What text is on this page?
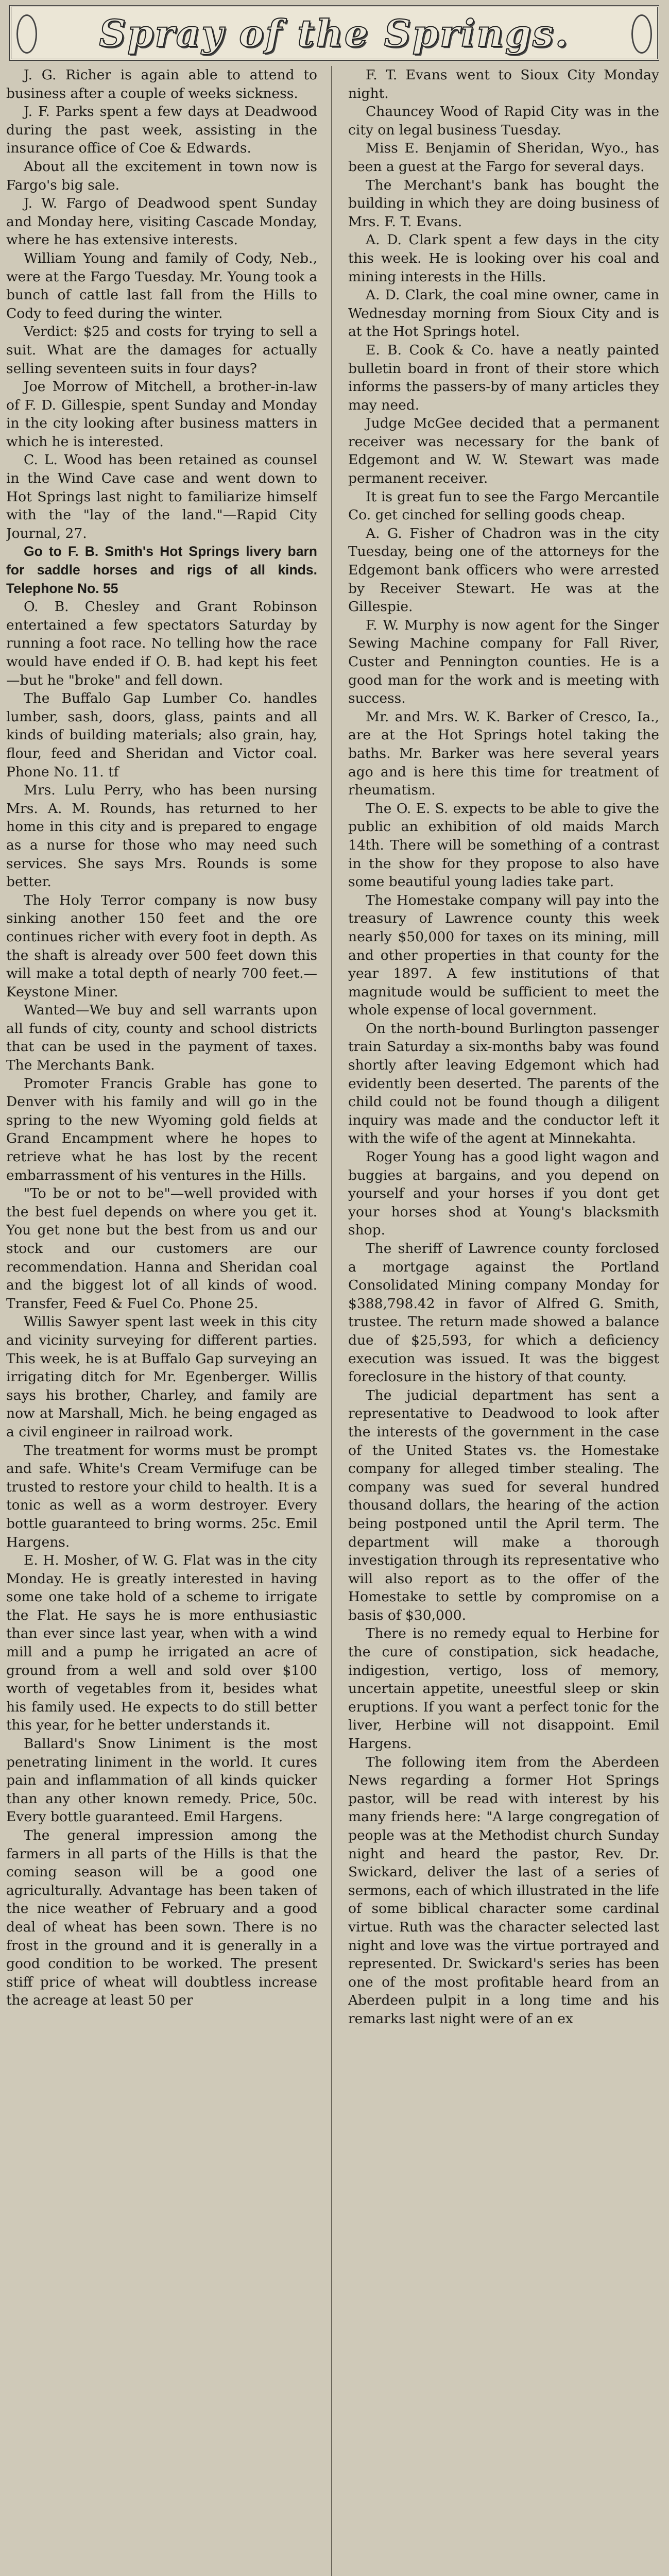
Spray of the Springs.

J. G. Richer is again able to attend to business after a couple of weeks sickness.

J. F. Parks spent a few days at Deadwood during the past week, assisting in the insurance office of Coe & Edwards.

About all the excitement in town now is Fargo's big sale.

J. W. Fargo of Deadwood spent Sunday and Monday here, visiting Cascade Monday, where he has extensive interests.

William Young and family of Cody, Neb., were at the Fargo Tuesday. Mr. Young took a bunch of cattle last fall from the Hills to Cody to feed during the winter.

Verdict: $25 and costs for trying to sell a suit. What are the damages for actually selling seventeen suits in four days?

Joe Morrow of Mitchell, a brother-in-law of F. D. Gillespie, spent Sunday and Monday in the city looking after business matters in which he is interested.

C. L. Wood has been retained as counsel in the Wind Cave case and went down to Hot Springs last night to familiarize himself with the "lay of the land."—Rapid City Journal, 27.

Go to F. B. Smith's Hot Springs livery barn for saddle horses and rigs of all kinds. Telephone No. 55

O. B. Chesley and Grant Robinson entertained a few spectators Saturday by running a foot race. No telling how the race would have ended if O. B. had kept his feet—but he "broke" and fell down.

The Buffalo Gap Lumber Co. handles lumber, sash, doors, glass, paints and all kinds of building materials; also grain, hay, flour, feed and Sheridan and Victor coal. Phone No. 11. tf

Mrs. Lulu Perry, who has been nursing Mrs. A. M. Rounds, has returned to her home in this city and is prepared to engage as a nurse for those who may need such services. She says Mrs. Rounds is some better.

The Holy Terror company is now busy sinking another 150 feet and the ore continues richer with every foot in depth. As the shaft is already over 500 feet down this will make a total depth of nearly 700 feet.—Keystone Miner.

Wanted—We buy and sell warrants upon all funds of city, county and school districts that can be used in the payment of taxes. The Merchants Bank.

Promoter Francis Grable has gone to Denver with his family and will go in the spring to the new Wyoming gold fields at Grand Encampment where he hopes to retrieve what he has lost by the recent embarrassment of his ventures in the Hills.

"To be or not to be"—well provided with the best fuel depends on where you get it. You get none but the best from us and our stock and our customers are our recommendation. Hanna and Sheridan coal and the biggest lot of all kinds of wood. Transfer, Feed & Fuel Co. Phone 25.

Willis Sawyer spent last week in this city and vicinity surveying for different parties. This week, he is at Buffalo Gap surveying an irrigating ditch for Mr. Egenberger. Willis says his brother, Charley, and family are now at Marshall, Mich. he being engaged as a civil engineer in railroad work.

The treatment for worms must be prompt and safe. White's Cream Vermifuge can be trusted to restore your child to health. It is a tonic as well as a worm destroyer. Every bottle guaranteed to bring worms. 25c. Emil Hargens.

E. H. Mosher, of W. G. Flat was in the city Monday. He is greatly interested in having some one take hold of a scheme to irrigate the Flat. He says he is more enthusiastic than ever since last year, when with a wind mill and a pump he irrigated an acre of ground from a well and sold over $100 worth of vegetables from it, besides what his family used. He expects to do still better this year, for he better understands it.

Ballard's Snow Liniment is the most penetrating liniment in the world. It cures pain and inflammation of all kinds quicker than any other known remedy. Price, 50c. Every bottle guaranteed. Emil Hargens.

The general impression among the farmers in all parts of the Hills is that the coming season will be a good one agriculturally. Advantage has been taken of the nice weather of February and a good deal of wheat has been sown. There is no frost in the ground and it is generally in a good condition to be worked. The present stiff price of wheat will doubtless increase the acreage at least 50 per

F. T. Evans went to Sioux City Monday night.

Chauncey Wood of Rapid City was in the city on legal business Tuesday.

Miss E. Benjamin of Sheridan, Wyo., has been a guest at the Fargo for several days.

The Merchant's bank has bought the building in which they are doing business of Mrs. F. T. Evans.

A. D. Clark spent a few days in the city this week. He is looking over his coal and mining interests in the Hills.

A. D. Clark, the coal mine owner, came in Wednesday morning from Sioux City and is at the Hot Springs hotel.

E. B. Cook & Co. have a neatly painted bulletin board in front of their store which informs the passers-by of many articles they may need.

Judge McGee decided that a permanent receiver was necessary for the bank of Edgemont and W. W. Stewart was made permanent receiver.

It is great fun to see the Fargo Mercantile Co. get cinched for selling goods cheap.

A. G. Fisher of Chadron was in the city Tuesday, being one of the attorneys for the Edgemont bank officers who were arrested by Receiver Stewart. He was at the Gillespie.

F. W. Murphy is now agent for the Singer Sewing Machine company for Fall River, Custer and Pennington counties. He is a good man for the work and is meeting with success.

Mr. and Mrs. W. K. Barker of Cresco, Ia., are at the Hot Springs hotel taking the baths. Mr. Barker was here several years ago and is here this time for treatment of rheumatism.

The O. E. S. expects to be able to give the public an exhibition of old maids March 14th. There will be something of a contrast in the show for they propose to also have some beautiful young ladies take part.

The Homestake company will pay into the treasury of Lawrence county this week nearly $50,000 for taxes on its mining, mill and other properties in that county for the year 1897. A few institutions of that magnitude would be sufficient to meet the whole expense of local government.

On the north-bound Burlington passenger train Saturday a six-months baby was found shortly after leaving Edgemont which had evidently been deserted. The parents of the child could not be found though a diligent inquiry was made and the conductor left it with the wife of the agent at Minnekahta.

Roger Young has a good light wagon and buggies at bargains, and you depend on yourself and your horses if you dont get your horses shod at Young's blacksmith shop.

The sheriff of Lawrence county forclosed a mortgage against the Portland Consolidated Mining company Monday for $388,798.42 in favor of Alfred G. Smith, trustee. The return made showed a balance due of $25,593, for which a deficiency execution was issued. It was the biggest foreclosure in the history of that county.

The judicial department has sent a representative to Deadwood to look after the interests of the government in the case of the United States vs. the Homestake company for alleged timber stealing. The company was sued for several hundred thousand dollars, the hearing of the action being postponed until the April term. The department will make a thorough investigation through its representative who will also report as to the offer of the Homestake to settle by compromise on a basis of $30,000.

There is no remedy equal to Herbine for the cure of constipation, sick headache, indigestion, vertigo, loss of memory, uncertain appetite, uneestful sleep or skin eruptions. If you want a perfect tonic for the liver, Herbine will not disappoint. Emil Hargens.

The following item from the Aberdeen News regarding a former Hot Springs pastor, will be read with interest by his many friends here: "A large congregation of people was at the Methodist church Sunday night and heard the pastor, Rev. Dr. Swickard, deliver the last of a series of sermons, each of which illustrated in the life of some biblical character some cardinal virtue. Ruth was the character selected last night and love was the virtue portrayed and represented. Dr. Swickard's series has been one of the most profitable heard from an Aberdeen pulpit in a long time and his remarks last night were of an ex
